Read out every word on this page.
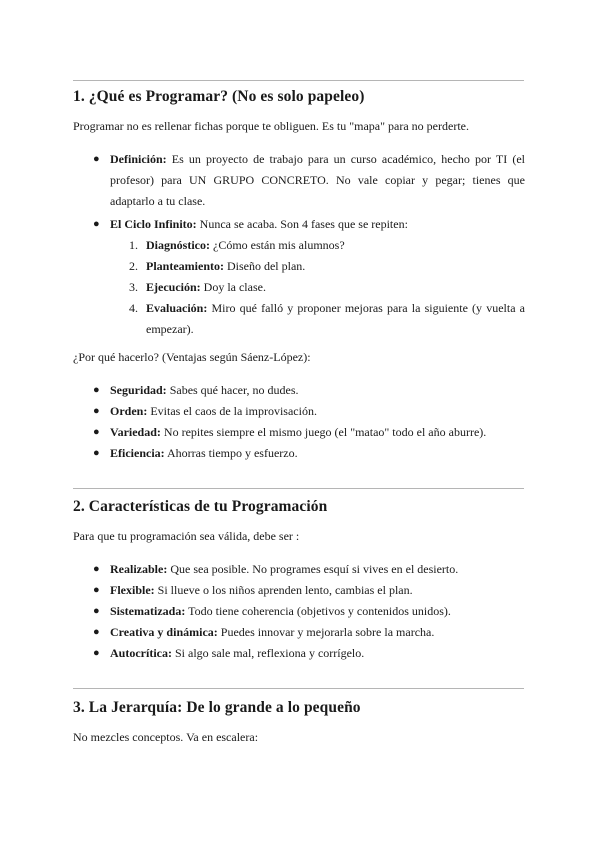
1. ¿Qué es Programar? (No es solo papeleo)

Programar no es rellenar fichas porque te obliguen. Es tu "mapa" para no perderte.

● Definición: Es un proyecto de trabajo para un curso académico, hecho por TI (el profesor) para UN GRUPO CONCRETO. No vale copiar y pegar; tienes que adaptarlo a tu clase.
● El Ciclo Infinito: Nunca se acaba. Son 4 fases que se repiten:
1. Diagnóstico: ¿Cómo están mis alumnos?
2. Planteamiento: Diseño del plan.
3. Ejecución: Doy la clase.
4. Evaluación: Miro qué falló y proponer mejoras para la siguiente (y vuelta a empezar).

¿Por qué hacerlo? (Ventajas según Sáenz-López):

● Seguridad: Sabes qué hacer, no dudes.
● Orden: Evitas el caos de la improvisación.
● Variedad: No repites siempre el mismo juego (el "matao" todo el año aburre).
● Eficiencia: Ahorras tiempo y esfuerzo.
2. Características de tu Programación

Para que tu programación sea válida, debe ser :

● Realizable: Que sea posible. No programes esquí si vives en el desierto.
● Flexible: Si llueve o los niños aprenden lento, cambias el plan.
● Sistematizada: Todo tiene coherencia (objetivos y contenidos unidos).
● Creativa y dinámica: Puedes innovar y mejorarla sobre la marcha.
● Autocrítica: Si algo sale mal, reflexiona y corrígelo.
3. La Jerarquía: De lo grande a lo pequeño

No mezcles conceptos. Va en escalera:
